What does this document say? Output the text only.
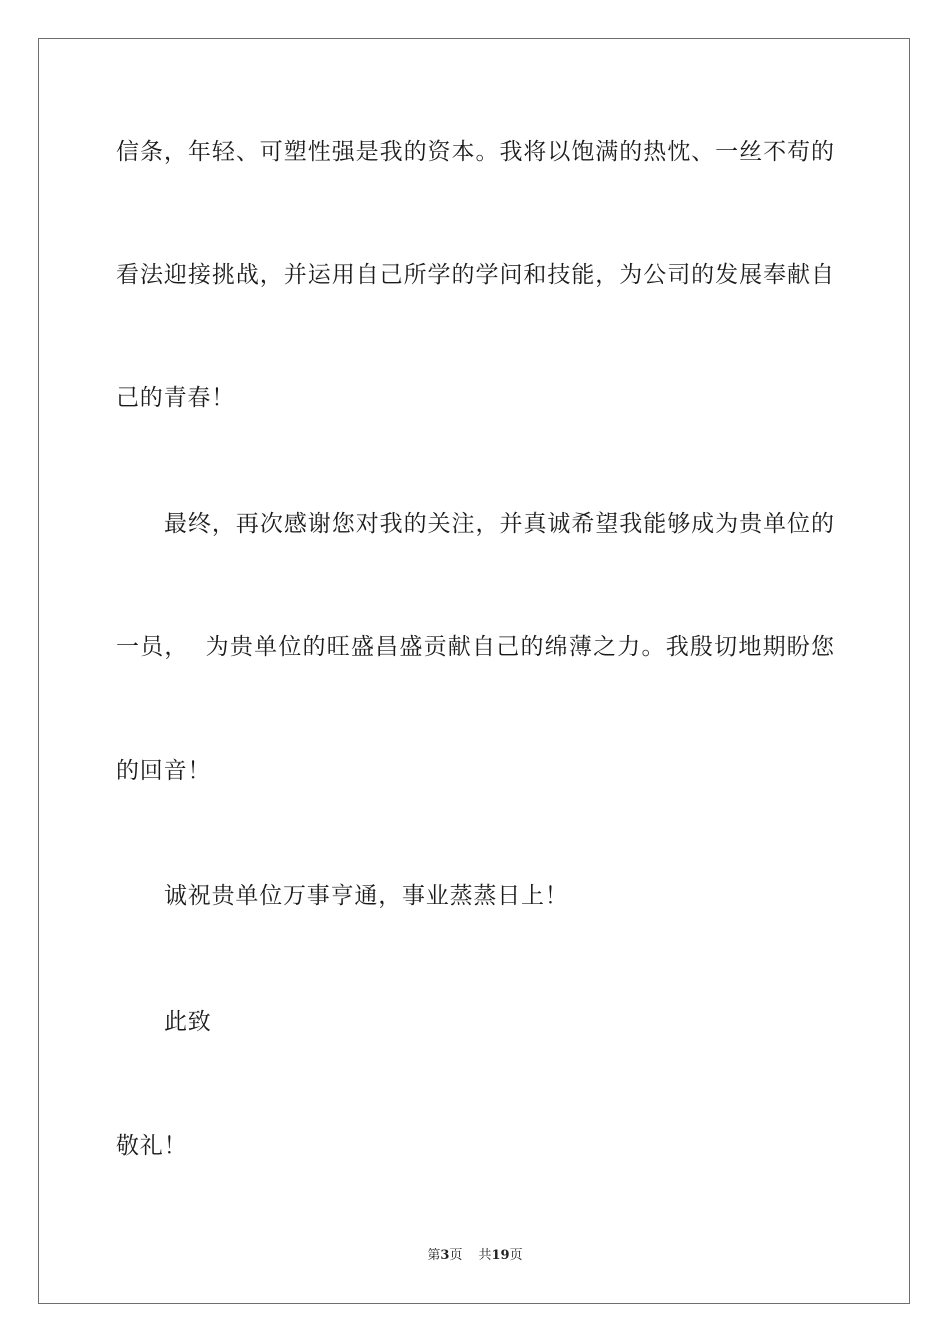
信条，年轻、可塑性强是我的资本。我将以饱满的热忱、一丝不苟的
看法迎接挑战，并运用自己所学的学问和技能，为公司的发展奉献自
己的青春！
最终，再次感谢您对我的关注，并真诚希望我能够成为贵单位的
一员，  为贵单位的旺盛昌盛贡献自己的绵薄之力。我殷切地期盼您
的回音！
诚祝贵单位万事亨通，事业蒸蒸日上！
此致
敬礼！
第3页 共19页
